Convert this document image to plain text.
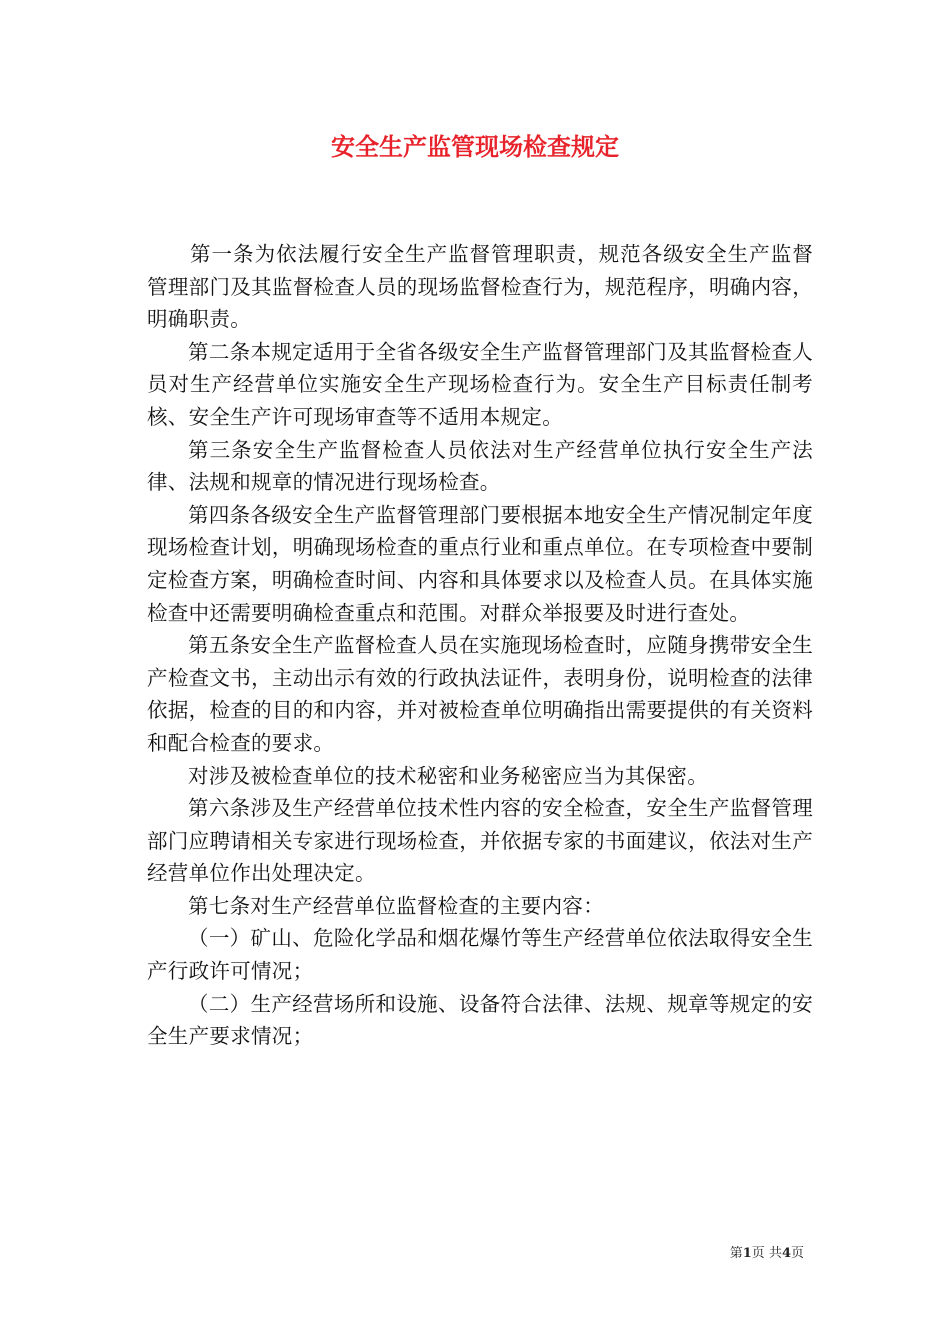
安全生产监管现场检查规定

第一条为依法履行安全生产监督管理职责，规范各级安全生产监督管理部门及其监督检查人员的现场监督检查行为，规范程序，明确内容，明确职责。

第二条本规定适用于全省各级安全生产监督管理部门及其监督检查人员对生产经营单位实施安全生产现场检查行为。安全生产目标责任制考核、安全生产许可现场审查等不适用本规定。

第三条安全生产监督检查人员依法对生产经营单位执行安全生产法律、法规和规章的情况进行现场检查。

第四条各级安全生产监督管理部门要根据本地安全生产情况制定年度现场检查计划，明确现场检查的重点行业和重点单位。在专项检查中要制定检查方案，明确检查时间、内容和具体要求以及检查人员。在具体实施检查中还需要明确检查重点和范围。对群众举报要及时进行查处。

第五条安全生产监督检查人员在实施现场检查时，应随身携带安全生产检查文书，主动出示有效的行政执法证件，表明身份，说明检查的法律依据，检查的目的和内容，并对被检查单位明确指出需要提供的有关资料和配合检查的要求。

对涉及被检查单位的技术秘密和业务秘密应当为其保密。

第六条涉及生产经营单位技术性内容的安全检查，安全生产监督管理部门应聘请相关专家进行现场检查，并依据专家的书面建议，依法对生产经营单位作出处理决定。

第七条对生产经营单位监督检查的主要内容：

（一）矿山、危险化学品和烟花爆竹等生产经营单位依法取得安全生产行政许可情况；

（二）生产经营场所和设施、设备符合法律、法规、规章等规定的安全生产要求情况；

第1页 共4页
